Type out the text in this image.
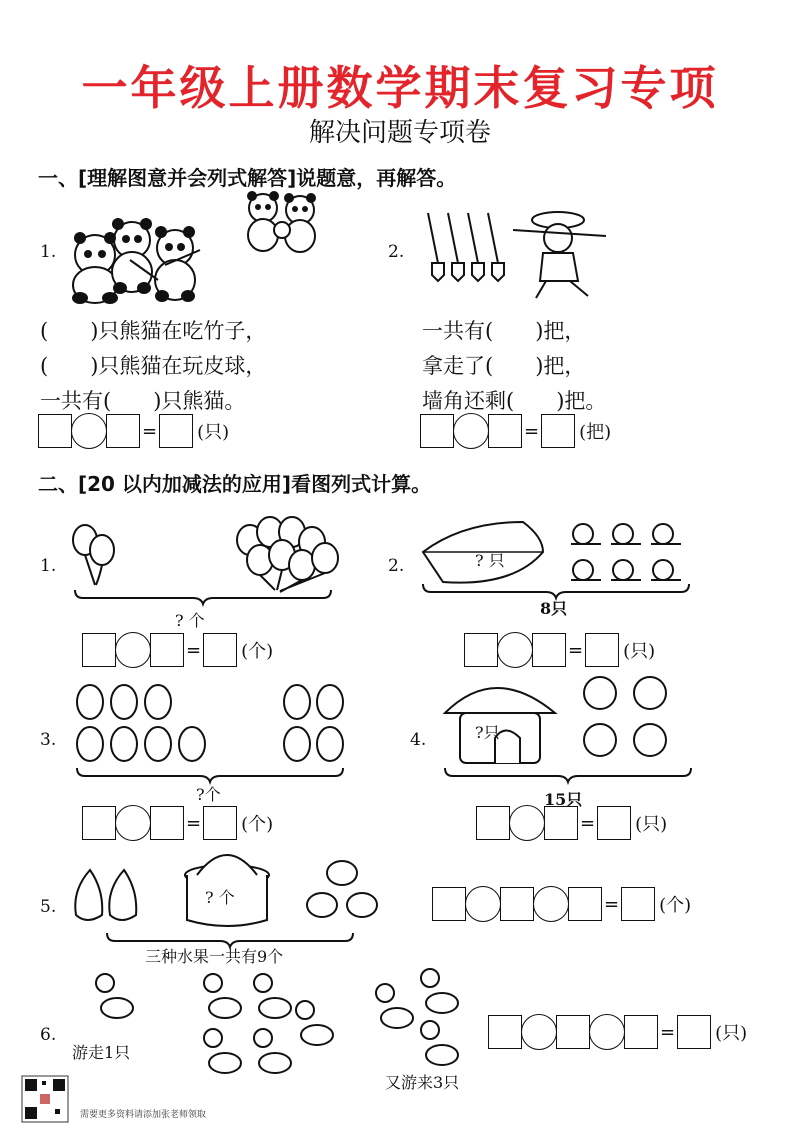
一年级上册数学期末复习专项
解决问题专项卷
一、[理解图意并会列式解答]说题意，再解答。
1.
(　　)只熊猫在吃竹子，
(　　)只熊猫在玩皮球，
一共有(　　)只熊猫。
= (只)
2.
一共有(　　)把，
拿走了(　　)把，
墙角还剩(　　)把。
= (把)
二、[20 以内加减法的应用]看图列式计算。
1.
? 个
= (个)
2.	? 只
8只
= (只)
3.
?个
= (个)
4.	?只
15只
= (只)
5.	? 个
三种水果一共有9个
= (个)
6.
游走1只
又游来3只
= (只)
需要更多资料请添加张老师领取
